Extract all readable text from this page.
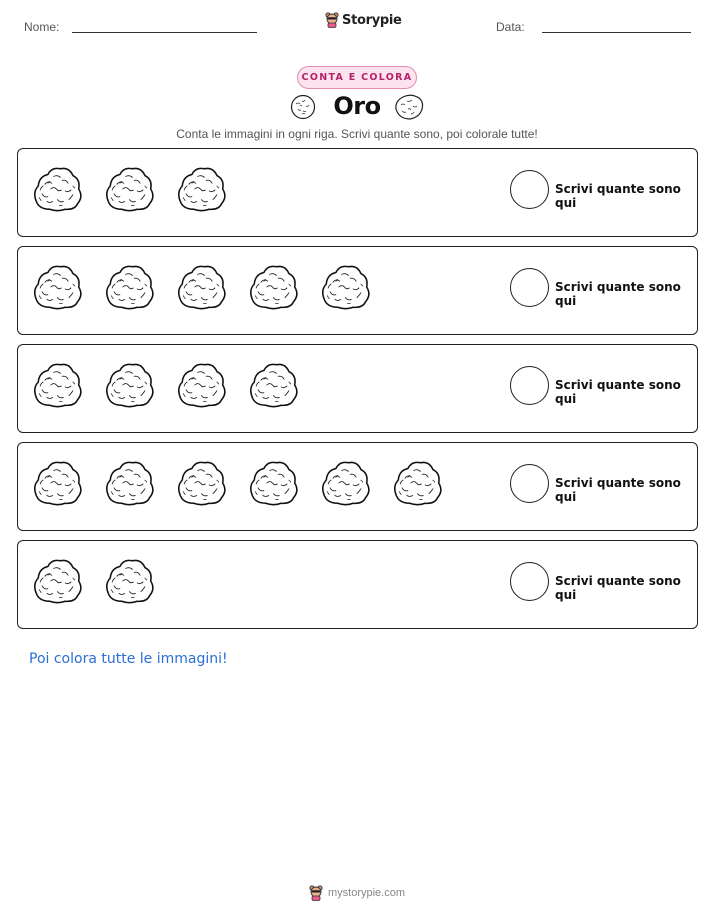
Nome:	Storypie	Data:
CONTA E COLORA
Oro
Conta le immagini in ogni riga. Scrivi quante sono, poi colorale tutte!
Scrivi quante sono qui
Scrivi quante sono qui
Scrivi quante sono qui
Scrivi quante sono qui
Scrivi quante sono qui
Poi colora tutte le immagini!
mystorypie.com
